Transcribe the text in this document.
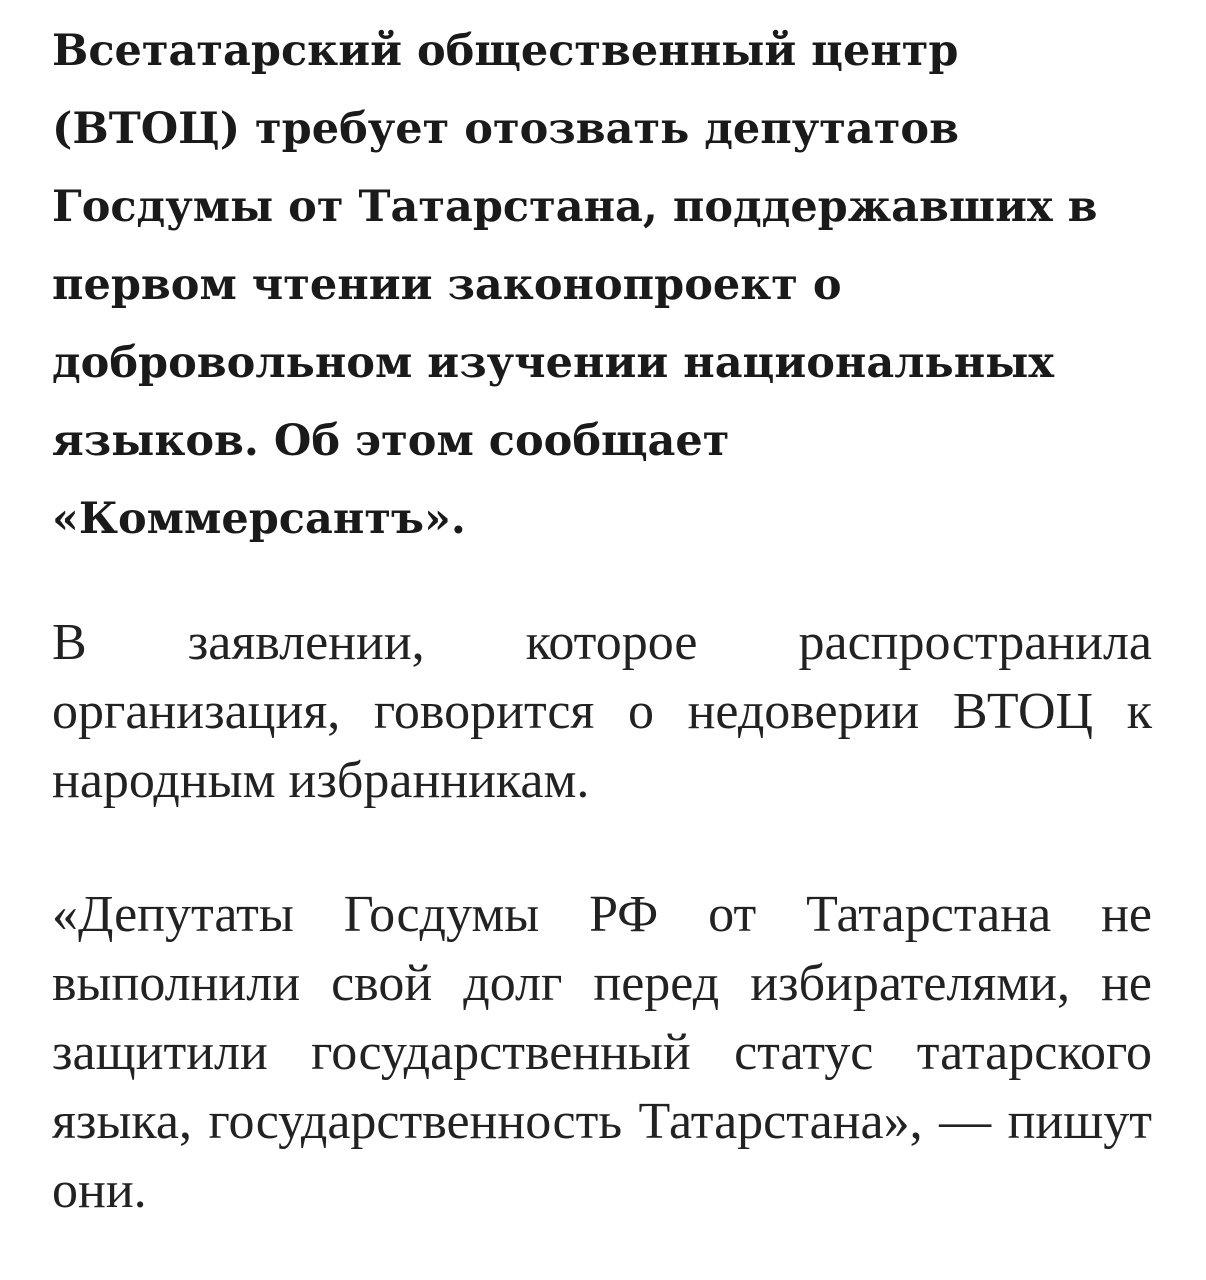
Всетатарский общественный центр (ВТОЦ) требует отозвать депутатов Госдумы от Татарстана, поддержавших в первом чтении законопроект о добровольном изучении национальных языков. Об этом сообщает «Коммерсантъ».

В заявлении, которое распространила организация, говорится о недоверии ВТОЦ к народным избранникам.

«Депутаты Госдумы РФ от Татарстана не выполнили свой долг перед избирателями, не защитили государственный статус татарского языка, государственность Татарстана», — пишут они.
